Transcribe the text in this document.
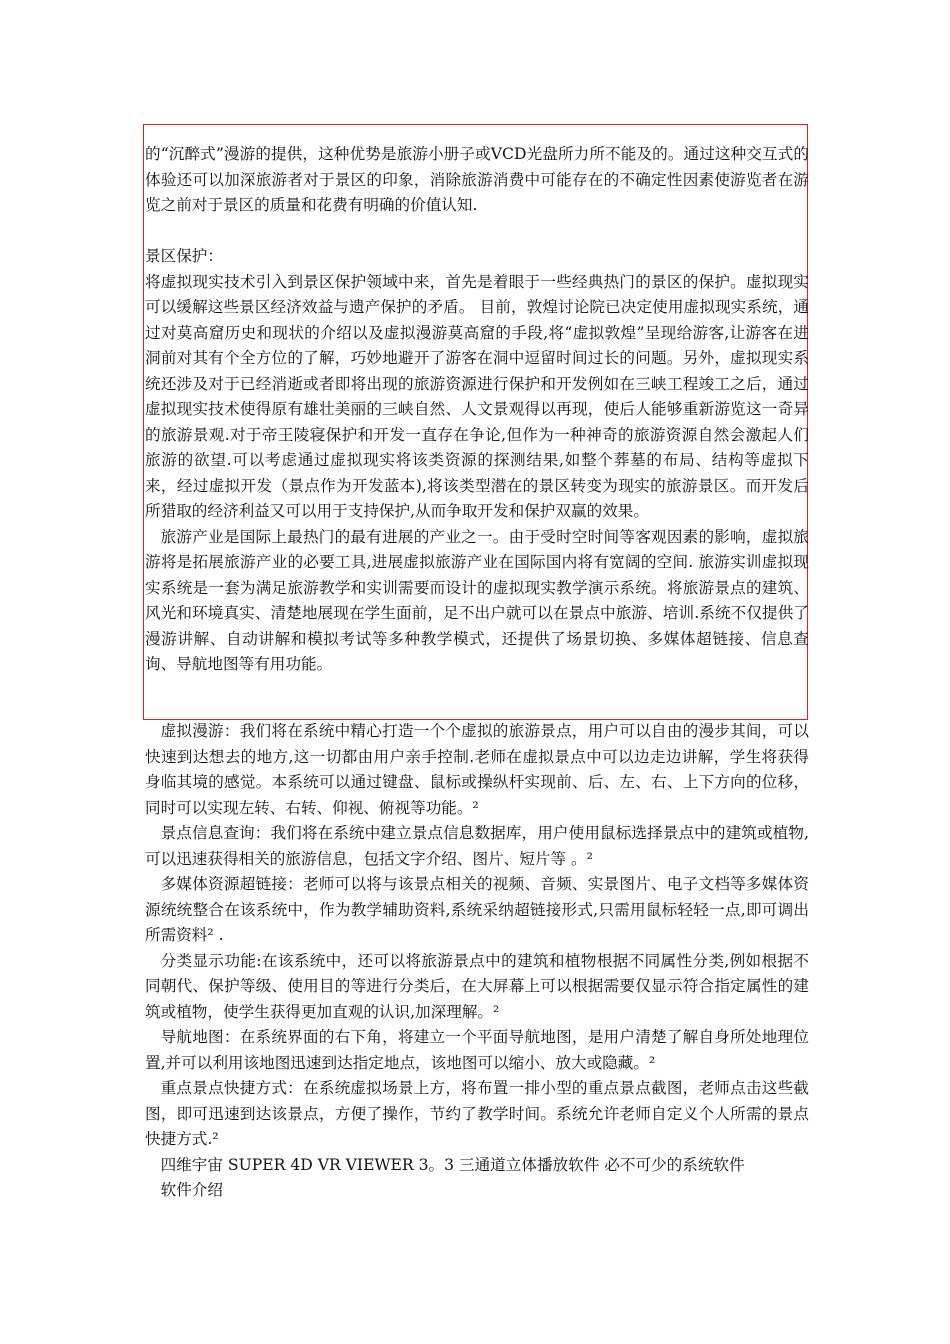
的“沉醉式”漫游的提供，这种优势是旅游小册子或VCD光盘所力所不能及的。通过这种交互式的体验还可以加深旅游者对于景区的印象，消除旅游消费中可能存在的不确定性因素使游览者在游览之前对于景区的质量和花费有明确的价值认知.

景区保护：

将虚拟现实技术引入到景区保护领域中来，首先是着眼于一些经典热门的景区的保护。虚拟现实可以缓解这些景区经济效益与遗产保护的矛盾。 目前，敦煌讨论院已决定使用虚拟现实系统，通过对莫高窟历史和现状的介绍以及虚拟漫游莫高窟的手段,将“虚拟敦煌”呈现给游客,让游客在进洞前对其有个全方位的了解，巧妙地避开了游客在洞中逗留时间过长的问题。另外，虚拟现实系统还涉及对于已经消逝或者即将出现的旅游资源进行保护和开发例如在三峡工程竣工之后，通过虚拟现实技术使得原有雄壮美丽的三峡自然、人文景观得以再现，使后人能够重新游览这一奇异的旅游景观.对于帝王陵寝保护和开发一直存在争论,但作为一种神奇的旅游资源自然会激起人们旅游的欲望.可以考虑通过虚拟现实将该类资源的探测结果,如整个葬墓的布局、结构等虚拟下来，经过虚拟开发（景点作为开发蓝本),将该类型潜在的景区转变为现实的旅游景区。而开发后所猎取的经济利益又可以用于支持保护,从而争取开发和保护双赢的效果。

旅游产业是国际上最热门的最有进展的产业之一。由于受时空时间等客观因素的影响，虚拟旅游将是拓展旅游产业的必要工具,进展虚拟旅游产业在国际国内将有宽阔的空间. 旅游实训虚拟现实系统是一套为满足旅游教学和实训需要而设计的虚拟现实教学演示系统。将旅游景点的建筑、风光和环境真实、清楚地展现在学生面前，足不出户就可以在景点中旅游、培训.系统不仅提供了漫游讲解、自动讲解和模拟考试等多种教学模式，还提供了场景切换、多媒体超链接、信息查询、导航地图等有用功能。

虚拟漫游：我们将在系统中精心打造一个个虚拟的旅游景点，用户可以自由的漫步其间，可以快速到达想去的地方,这一切都由用户亲手控制.老师在虚拟景点中可以边走边讲解，学生将获得身临其境的感觉。本系统可以通过键盘、鼠标或操纵杆实现前、后、左、右、上下方向的位移，同时可以实现左转、右转、仰视、俯视等功能。²

景点信息查询：我们将在系统中建立景点信息数据库，用户使用鼠标选择景点中的建筑或植物,可以迅速获得相关的旅游信息，包括文字介绍、图片、短片等 。²

多媒体资源超链接：老师可以将与该景点相关的视频、音频、实景图片、电子文档等多媒体资源统统整合在该系统中，作为教学辅助资料,系统采纳超链接形式,只需用鼠标轻轻一点,即可调出所需资料² .

分类显示功能:在该系统中，还可以将旅游景点中的建筑和植物根据不同属性分类,例如根据不同朝代、保护等级、使用目的等进行分类后，在大屏幕上可以根据需要仅显示符合指定属性的建筑或植物，使学生获得更加直观的认识,加深理解。²

导航地图：在系统界面的右下角，将建立一个平面导航地图，是用户清楚了解自身所处地理位置,并可以利用该地图迅速到达指定地点，该地图可以缩小、放大或隐藏。²

重点景点快捷方式：在系统虚拟场景上方，将布置一排小型的重点景点截图，老师点击这些截图，即可迅速到达该景点，方便了操作，节约了教学时间。系统允许老师自定义个人所需的景点快捷方式.²

四维宇宙 SUPER 4D VR VIEWER 3。3 三通道立体播放软件 必不可少的系统软件

软件介绍
